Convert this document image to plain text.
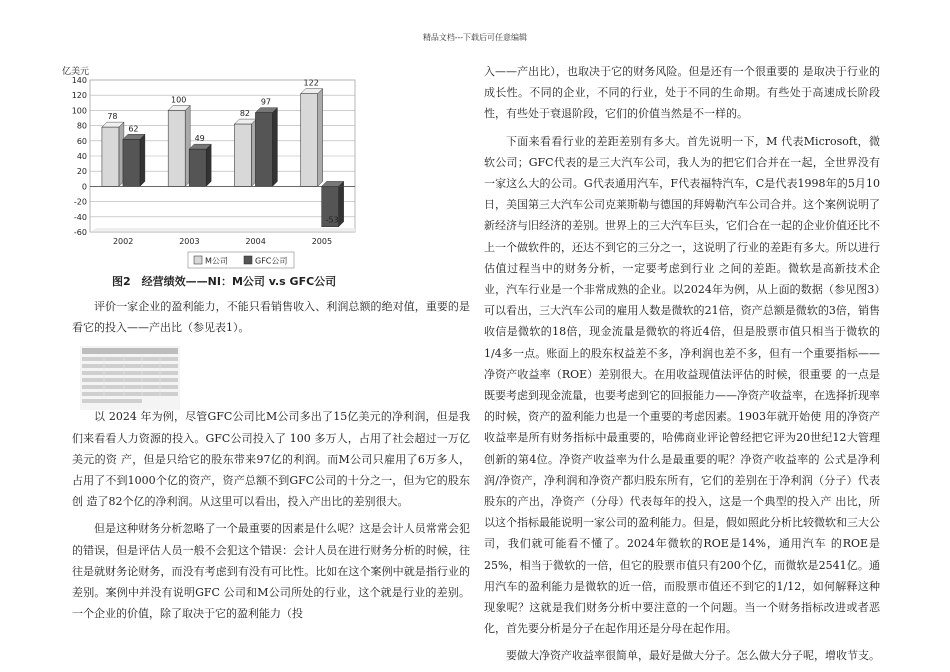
精品文档---下载后可任意编辑
亿美元
140
120
100
80
60
40
20
0
-20
-40
-60
78
62
2002
100
49
2003
82
97
2004
122
-53
2005
M公司	GFC公司
图2　经营绩效——NI：M公司 v.s GFC公司

评价一家企业的盈利能力，不能只看销售收入、利润总额的绝对值，重要的是看它的投入——产出比（参见表1）。

以 2024 年为例，尽管GFC公司比M公司多出了15亿美元的净利润，但是我们来看看人力资源的投入。GFC公司投入了 100 多万人，占用了社会超过一万亿美元的资 产，但是只给它的股东带来97亿的利润。而M公司只雇用了6万多人，占用了不到1000个亿的资产，资产总额不到GFC公司的十分之一，但为它的股东创 造了82个亿的净利润。从这里可以看出，投入产出比的差别很大。

但是这种财务分析忽略了一个最重要的因素是什么呢？这是会计人员常常会犯的错误，但是评估人员一般不会犯这个错误：会计人员在进行财务分析的时候，往往是就财务论财务，而没有考虑到有没有可比性。比如在这个案例中就是指行业的差别。案例中并没有说明GFC 公司和M公司所处的行业，这个就是行业的差别。一个企业的价值，除了取决于它的盈利能力（投

入——产出比），也取决于它的财务风险。但是还有一个很重要的 是取决于行业的成长性。不同的企业，不同的行业，处于不同的生命期。有些处于高速成长阶段性，有些处于衰退阶段，它们的价值当然是不一样的。

下面来看看行业的差距差别有多大。首先说明一下，M 代表Microsoft，微软公司；GFC代表的是三大汽车公司，我人为的把它们合并在一起，全世界没有一家这么大的公司。G代表通用汽车，F代表福特汽车，C是代表1998年的5月10日，美国第三大汽车公司克莱斯勒与德国的拜姆勒汽车公司合并。这个案例说明了新经济与旧经济的差别。世界上的三大汽车巨头，它们合在一起的企业价值还比不上一个做软件的，还达不到它的三分之一，这说明了行业的差距有多大。所以进行估值过程当中的财务分析，一定要考虑到行业 之间的差距。微软是高新技术企业，汽车行业是一个非常成熟的企业。以2024年为例，从上面的数据（参见图3）可以看出，三大汽车公司的雇用人数是微软的21倍，资产总额是微软的3倍，销售收信是微软的18倍，现金流量是微软的将近4倍，但是股票市值只相当于微软的1/4多一点。账面上的股东权益差不多，净利润也差不多，但有一个重要指标——净资产收益率（ROE）差别很大。在用收益现值法评估的时候，很重要 的一点是既要考虑到现金流量，也要考虑到它的回报能力——净资产收益率，在选择折现率的时候，资产的盈利能力也是一个重要的考虑因素。1903年就开始使 用的净资产收益率是所有财务指标中最重要的，哈佛商业评论曾经把它评为20世纪12大管理创新的第4位。净资产收益率为什么是最重要的呢？净资产收益率的 公式是净利润/净资产，净利润和净资产都归股东所有，它们的差别在于净利润（分子）代表股东的产出，净资产（分母）代表每年的投入，这是一个典型的投入产 出比，所以这个指标最能说明一家公司的盈利能力。但是，假如照此分析比较微软和三大公司，我们就可能看不懂了。2024年微软的ROE是14%，通用汽车 的ROE是25%，相当于微软的一倍，但它的股票市值只有200个亿，而微软是2541亿。通用汽车的盈利能力是微软的近一倍，而股票市值还不到它的1/12，如何解释这种现象呢？这就是我们财务分析中要注意的一个问题。当一个财务指标改进或者恶化，首先要分析是分子在起作用还是分母在起作用。

要做大净资产收益率很简单，最好是做大分子。怎么做大分子呢，增收节支。
